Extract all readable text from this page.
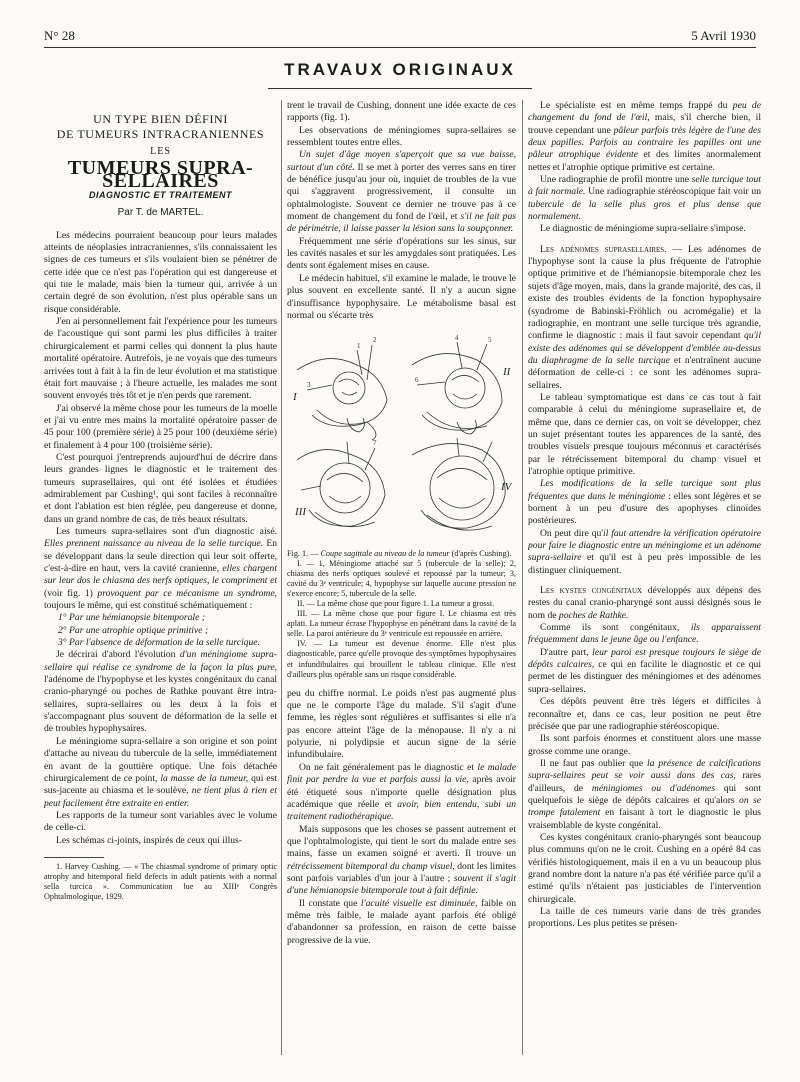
N° 28	5 Avril 1930
TRAVAUX ORIGINAUX
UN TYPE BIEN DÉFINI
DE TUMEURS INTRACRANIENNES
LES
TUMEURS SUPRA-SELLAIRES
DIAGNOSTIC ET TRAITEMENT
Par T. de MARTEL.

Les médecins pourraient beaucoup pour leurs malades atteints de néoplasies intracraniennes, s'ils connaissaient les signes de ces tumeurs et s'ils voulaient bien se pénétrer de cette idée que ce n'est pas l'opération qui est dangereuse et qui tue le malade, mais bien la tumeur qui, arrivée à un certain degré de son évolution, n'est plus opérable sans un risque considérable.

J'en ai personnellement fait l'expérience pour les tumeurs de l'acoustique qui sont parmi les plus difficiles à traiter chirurgicalement et parmi celles qui donnent la plus haute mortalité opératoire. Autrefois, je ne voyais que des tumeurs arrivées tout à fait à la fin de leur évolution et ma statistique était fort mauvaise ; à l'heure actuelle, les malades me sont souvent envoyés très tôt et je n'en perds que rarement.

J'ai observé la même chose pour les tumeurs de la moelle et j'ai vu entre mes mains la mortalité opératoire passer de 45 pour 100 (première série) à 25 pour 100 (deuxième série) et finalement à 4 pour 100 (troisième série).

C'est pourquoi j'entreprends aujourd'hui de décrire dans leurs grandes lignes le diagnostic et le traitement des tumeurs suprasellaires, qui ont été isolées et étudiées admirablement par Cushing¹, qui sont faciles à reconnaître et dont l'ablation est bien réglée, peu dangereuse et donne, dans un grand nombre de cas, de très beaux résultats.

Les tumeurs supra-sellaires sont d'un diagnostic aisé. Elles prennent naissance au niveau de la selle turcique. En se développant dans la seule direction qui leur soit offerte, c'est-à-dire en haut, vers la cavité cranienne, elles chargent sur leur dos le chiasma des nerfs optiques, le compriment et (voir fig. 1) provoquent par ce mécanisme un syndrome, toujours le même, qui est constitué schématiquement :

1° Par une hémianopsie bitemporale ;

2° Par une atrophie optique primitive ;

3° Par l'absence de déformation de la selle turcique.

Je décrirai d'abord l'évolution d'un méningiome supra-sellaire qui réalise ce syndrome de la façon la plus pure, l'adénome de l'hypophyse et les kystes congénitaux du canal cranio-pharyngé ou poches de Rathke pouvant être intra-sellaires, supra-sellaires ou les deux à la fois et s'accompagnant plus souvent de déformation de la selle et de troubles hypophysaires.

Le méningiome supra-sellaire a son origine et son point d'attache au niveau du tubercule de la selle, immédiatement en avant de la gouttière optique. Une fois détachée chirurgicalement de ce point, la masse de la tumeur, qui est sus-jacente au chiasma et le soulève, ne tient plus à rien et peut facilement être extraite en entier.

Les rapports de la tumeur sont variables avec le volume de celle-ci.

Les schémas ci-joints, inspirés de ceux qui illus-

1. Harvey Cushing. — « The chiasmal syndrome of primary optic atrophy and bitemporal field defects in adult patients with a normal sella turcica ». Communication lue au XIIIᵉ Congrès Ophtalmologique, 1929.

trent le travail de Cushing, donnent une idée exacte de ces rapports (fig. 1).

Les observations de méningiomes supra-sellaires se ressemblent toutes entre elles.

Un sujet d'âge moyen s'aperçoit que sa vue baisse, surtout d'un côté. Il se met à porter des verres sans en tirer de bénéfice jusqu'au jour où, inquiet de troubles de la vue qui s'aggravent progressivement, il consulte un ophtalmologiste. Souvent ce dernier ne trouve pas à ce moment de changement du fond de l'œil, et s'il ne fait pas de périmétrie, il laisse passer la lésion sans la soupçonner.

Fréquemment une série d'opérations sur les sinus, sur les cavités nasales et sur les amygdales sont pratiquées. Les dents sont également mises en cause.

Le médecin habituel, s'il examine le malade, le trouve le plus souvent en excellente santé. Il n'y a aucun signe d'insuffisance hypophysaire. Le métabolisme basal est normal ou s'écarte très

I
II
III
IV
1
2
3
4	5
6
7

Fig. 1. — Coupe sagittale au niveau de la tumeur (d'après Cushing).

I. — 1, Méningiome attaché sur 5 (tubercule de la selle); 2, chiasma des nerfs optiques soulevé et repoussé par la tumeur; 3, cavité du 3ᵉ ventricule; 4, hypophyse sur laquelle aucune pression ne s'exerce encore; 5, tubercule de la selle.

II. — La même chose que pour figure 1. La tumeur a grossi.

III. — La même chose que pour figure I. Le chiasma est très aplati. La tumeur écrase l'hypophyse en pénétrant dans la cavité de la selle. La paroi antérieure du 3ᵉ ventricule est repoussée en arrière.

IV. — La tumeur est devenue énorme. Elle n'est plus diagnosticable, parce qu'elle provoque des symptômes hypophysaires et infundibulaires qui brouillent le tableau clinique. Elle n'est d'ailleurs plus opérable sans un risque considérable.

peu du chiffre normal. Le poids n'est pas augmenté plus que ne le comporte l'âge du malade. S'il s'agit d'une femme, les règles sont régulières et suffisantes si elle n'a pas encore atteint l'âge de la ménopause. Il n'y a ni polyurie, ni polydipsie et aucun signe de la série infundibulaire.

On ne fait généralement pas le diagnostic et le malade finit par perdre la vue et parfois aussi la vie, après avoir été étiqueté sous n'importe quelle désignation plus académique que réelle et avoir, bien entendu, subi un traitement radiothérapique.

Mais supposons que les choses se passent autrement et que l'ophtalmologiste, qui tient le sort du malade entre ses mains, fasse un examen soigné et averti. Il trouve un rétrécissement bitemporal du champ visuel, dont les limites sont parfois variables d'un jour à l'autre ; souvent il s'agit d'une hémianopsie bitemporale tout à fait définie.

Il constate que l'acuité visuelle est diminuée, faible on même très faible, le malade ayant parfois été obligé d'abandonner sa profession, en raison de cette baisse progressive de la vue.

Le spécialiste est en même temps frappé du peu de changement du fond de l'œil, mais, s'il cherche bien, il trouve cependant une pâleur parfois très légère de l'une des deux papilles. Parfois au contraire les papilles ont une pâleur atrophique évidente et des limites anormalement nettes et l'atrophie optique primitive est certaine.

Une radiographie de profil montre une selle turcique tout à fait normale. Une radiographie stéréoscopique fait voir un tubercule de la selle plus gros et plus dense que normalement.

Le diagnostic de méningiome supra-sellaire s'impose.

Les adénomes suprasellaires. — Les adénomes de l'hypophyse sont la cause la plus fréquente de l'atrophie optique primitive et de l'hémianopsie bitemporale chez les sujets d'âge moyen, mais, dans la grande majorité, des cas, il existe des troubles évidents de la fonction hypophysaire (syndrome de Babinski-Fröhlich ou acromégalie) et la radiographie, en montrant une selle turcique très agrandie, confirme le diagnostic : mais il faut savoir cependant qu'il existe des adénomes qui se développent d'emblée au-dessus du diaphragme de la selle turcique et n'entraînent aucune déformation de celle-ci : ce sont les adénomes supra-sellaires.

Le tableau symptomatique est dans ce cas tout à fait comparable à celui du méningiome suprasellaire et, de même que, dans ce dernier cas, on voit se développer, chez un sujet présentant toutes les apparences de la santé, des troubles visuels presque toujours méconnus et caractérisés par le rétrécissement bitemporal du champ visuel et l'atrophie optique primitive.

Les modifications de la selle turcique sont plus fréquentes que dans le méningiome : elles sont légères et se bornent à un peu d'usure des apophyses clinoïdes postérieures.

On peut dire qu'il faut attendre la vérification opératoire pour faire le diagnostic entre un méningiome et un adénome supra-sellaire et qu'il est à peu près impossible de les distinguer cliniquement.

Les kystes congénitaux développés aux dépens des restes du canal cranio-pharyngé sont aussi désignés sous le nom de poches de Rathke.

Comme ils sont congénitaux, ils apparaissent fréquemment dans le jeune âge ou l'enfance.

D'autre part, leur paroi est presque toujours le siège de dépôts calcaires, ce qui en facilite le diagnostic et ce qui permet de les distinguer des méningiomes et des adénomes supra-sellaires.

Ces dépôts peuvent être très légers et difficiles à reconnaître et, dans ce cas, leur position ne peut être précisée que par une radiographie stéréoscopique.

Ils sont parfois énormes et constituent alors une masse grosse comme une orange.

Il ne faut pas oublier que la présence de calcifications supra-sellaires peut se voir aussi dans des cas, rares d'ailleurs, de méningiomes ou d'adénomes qui sont quelquefois le siège de dépôts calcaires et qu'alors on se trompe fatalement en faisant à tort le diagnostic le plus vraisemblable de kyste congénital.

Ces kystes congénitaux cranio-pharyngés sont beaucoup plus communs qu'on ne le croit. Cushing en a opéré 84 cas vérifiés histologiquement, mais il en a vu un beaucoup plus grand nombre dont la nature n'a pas été vérifiée parce qu'il a estimé qu'ils n'étaient pas justiciables de l'intervention chirurgicale.

La taille de ces tumeurs varie dans de très grandes proportions. Les plus petites se présen-
